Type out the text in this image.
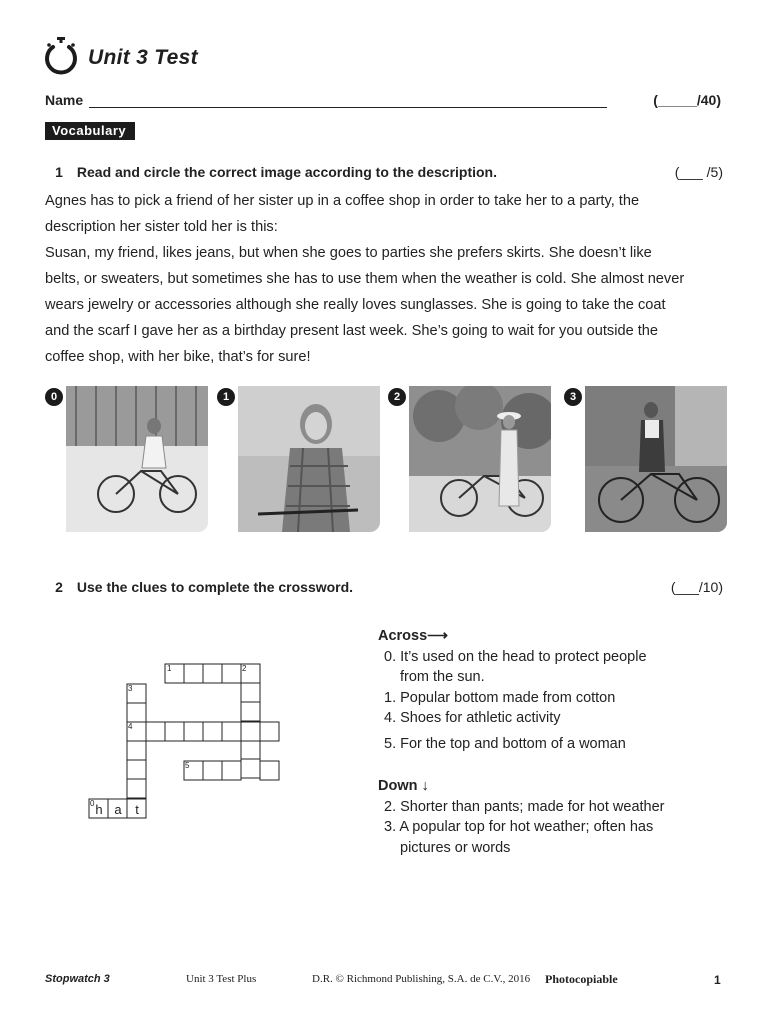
Unit 3 Test
Name	(_____/40)
Vocabulary
1 Read and circle the correct image according to the description.	(___ /5)

Agnes has to pick a friend of her sister up in a coffee shop in order to take her to a party, the

description her sister told her is this:

Susan, my friend, likes jeans, but when she goes to parties she prefers skirts. She doesn’t like

belts, or sweaters, but sometimes she has to use them when the weather is cold. She almost never

wears jewelry or accessories although she really loves sunglasses. She is going to take the coat

and the scarf I gave her as a birthday present last week. She’s going to wait for you outside the

coffee shop, with her bike, that’s for sure!

0	1	2	3
2 Use the clues to complete the crossword.	(___/10)
1	2
3
4
5
0 h a t
Across⟶
0. It’s used on the head to protect people
from the sun.
1. Popular bottom made from cotton
4. Shoes for athletic activity
5. For the top and bottom of a woman
Down ↓
2. Shorter than pants; made for hot weather
3. A popular top for hot weather; often has
pictures or words
Stopwatch 3	Unit 3 Test Plus	D.R. © Richmond Publishing, S.A. de C.V., 2016 Photocopiable	1
